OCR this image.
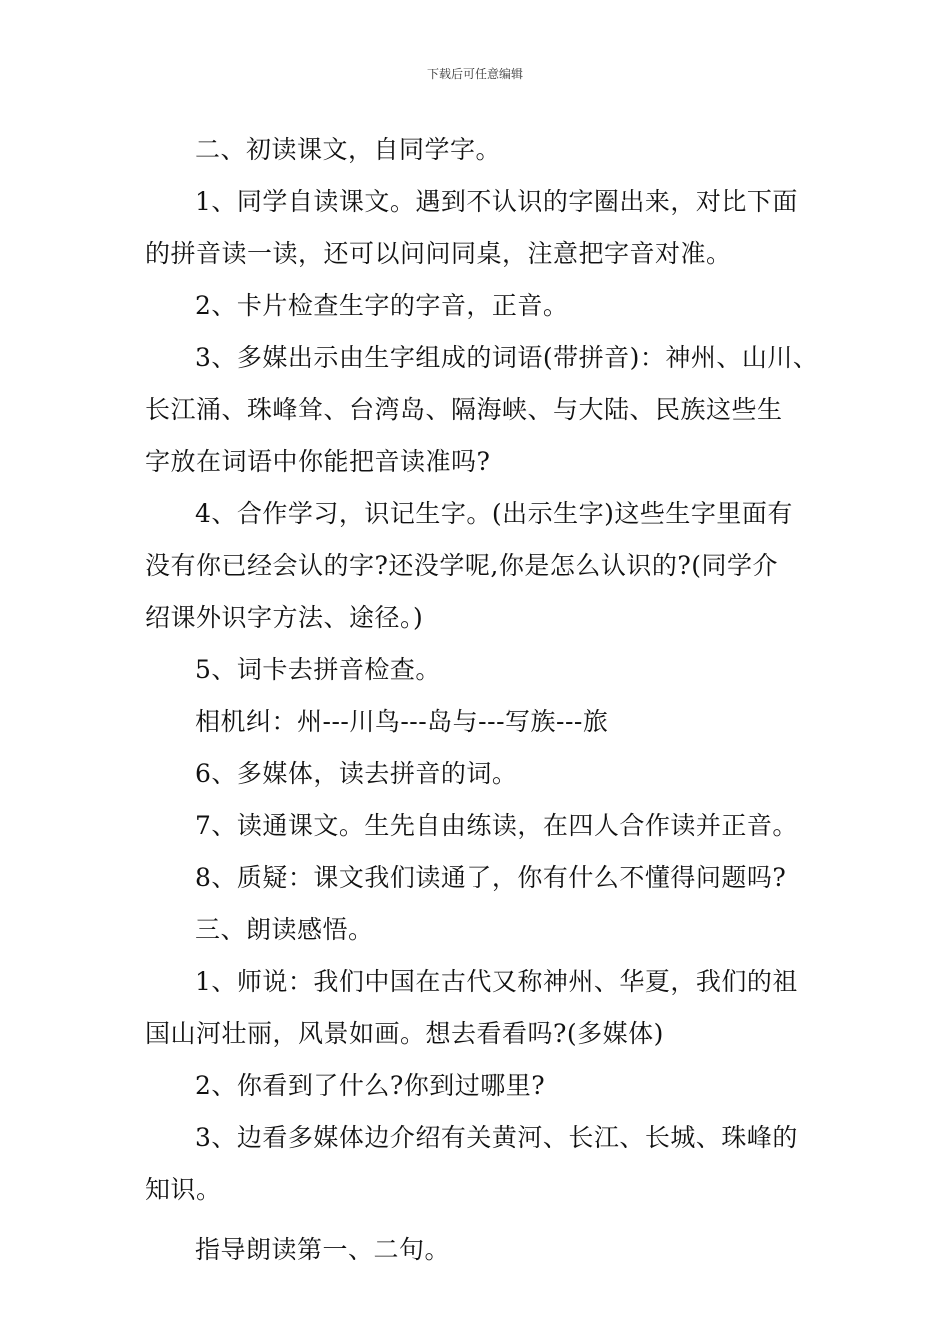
下载后可任意编辑
二、初读课文，自同学字。
1、同学自读课文。遇到不认识的字圈出来，对比下面
的拼音读一读，还可以问问同桌，注意把字音对准。
2、卡片检查生字的字音，正音。
3、多媒出示由生字组成的词语(带拼音)：神州、山川、
长江涌、珠峰耸、台湾岛、隔海峡、与大陆、民族这些生
字放在词语中你能把音读准吗?
4、合作学习，识记生字。(出示生字)这些生字里面有
没有你已经会认的字?还没学呢,你是怎么认识的?(同学介
绍课外识字方法、途径。)
5、词卡去拼音检查。
相机纠：州---川鸟---岛与---写族---旅
6、多媒体，读去拼音的词。
7、读通课文。生先自由练读，在四人合作读并正音。
8、质疑：课文我们读通了，你有什么不懂得问题吗?
三、朗读感悟。
1、师说：我们中国在古代又称神州、华夏，我们的祖
国山河壮丽，风景如画。想去看看吗?(多媒体)
2、你看到了什么?你到过哪里?
3、边看多媒体边介绍有关黄河、长江、长城、珠峰的
知识。
指导朗读第一、二句。
